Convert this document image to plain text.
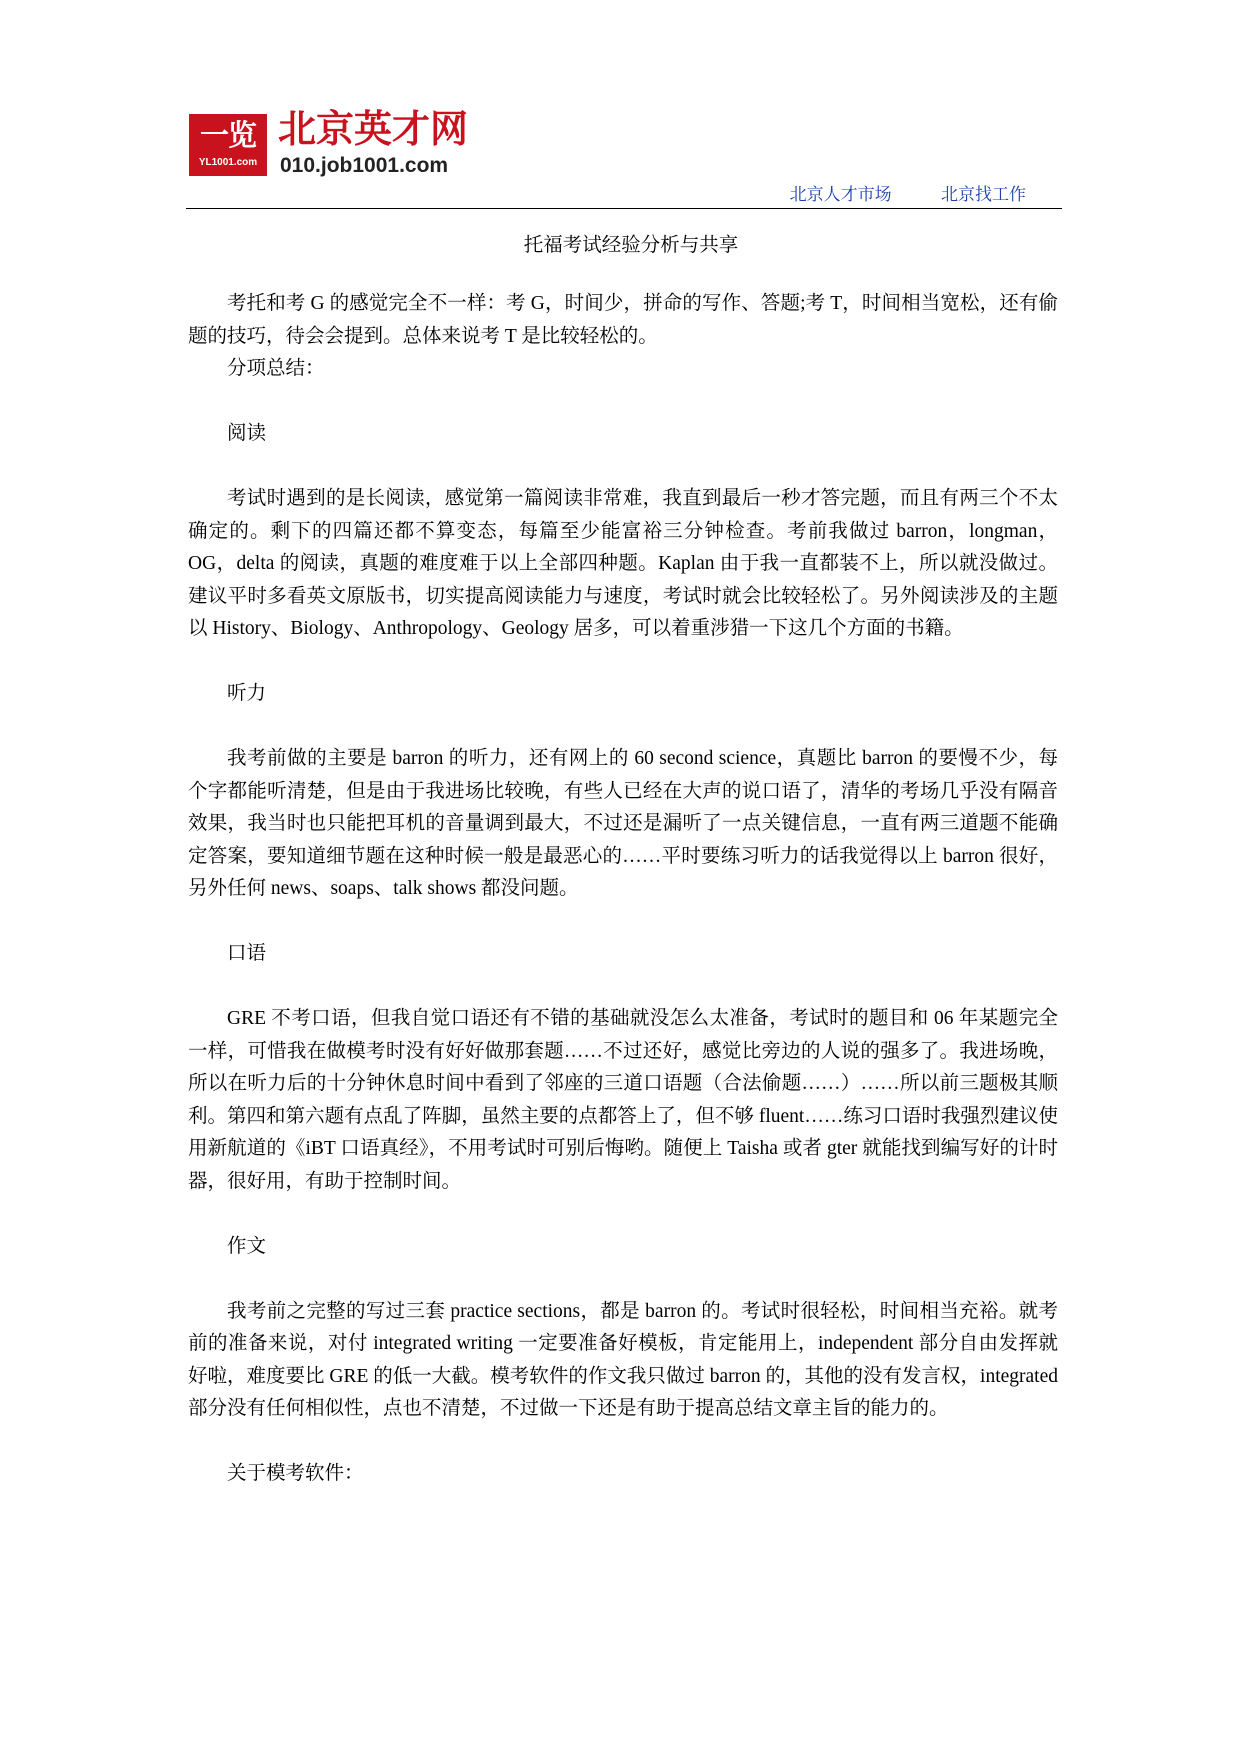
一览
YL1001.com
北京英才网
010.job1001.com
北京人才市场	北京找工作
托福考试经验分析与共享

考托和考 G 的感觉完全不一样：考 G，时间少，拼命的写作、答题;考 T，时间相当宽松，还有偷题的技巧，待会会提到。总体来说考 T 是比较轻松的。

分项总结：

阅读

考试时遇到的是长阅读，感觉第一篇阅读非常难，我直到最后一秒才答完题，而且有两三个不太确定的。剩下的四篇还都不算变态，每篇至少能富裕三分钟检查。考前我做过 barron，longman，OG，delta 的阅读，真题的难度难于以上全部四种题。Kaplan 由于我一直都装不上，所以就没做过。建议平时多看英文原版书，切实提高阅读能力与速度，考试时就会比较轻松了。另外阅读涉及的主题以 History、Biology、Anthropology、Geology 居多，可以着重涉猎一下这几个方面的书籍。

听力

我考前做的主要是 barron 的听力，还有网上的 60 second science，真题比 barron 的要慢不少，每个字都能听清楚，但是由于我进场比较晚，有些人已经在大声的说口语了，清华的考场几乎没有隔音效果，我当时也只能把耳机的音量调到最大，不过还是漏听了一点关键信息，一直有两三道题不能确定答案，要知道细节题在这种时候一般是最恶心的……平时要练习听力的话我觉得以上 barron 很好，另外任何 news、soaps、talk shows 都没问题。

口语

GRE 不考口语，但我自觉口语还有不错的基础就没怎么太准备，考试时的题目和 06 年某题完全一样，可惜我在做模考时没有好好做那套题……不过还好，感觉比旁边的人说的强多了。我进场晚，所以在听力后的十分钟休息时间中看到了邻座的三道口语题（合法偷题……）……所以前三题极其顺利。第四和第六题有点乱了阵脚，虽然主要的点都答上了，但不够 fluent……练习口语时我强烈建议使用新航道的《iBT 口语真经》，不用考试时可别后悔哟。随便上 Taisha 或者 gter 就能找到编写好的计时器，很好用，有助于控制时间。

作文

我考前之完整的写过三套 practice sections，都是 barron 的。考试时很轻松，时间相当充裕。就考前的准备来说，对付 integrated writing 一定要准备好模板，肯定能用上，independent 部分自由发挥就好啦，难度要比 GRE 的低一大截。模考软件的作文我只做过 barron 的，其他的没有发言权，integrated 部分没有任何相似性，点也不清楚，不过做一下还是有助于提高总结文章主旨的能力的。

关于模考软件：
